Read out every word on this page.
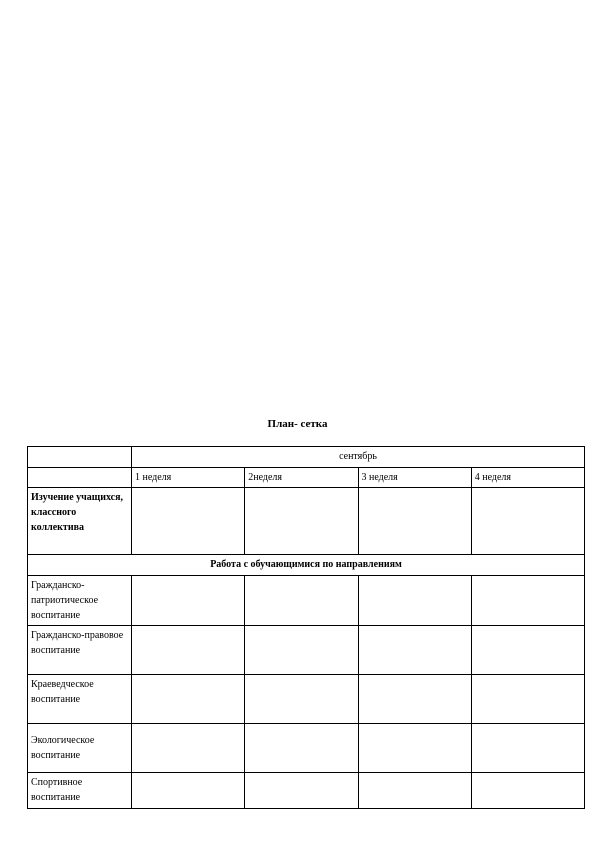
План- сетка
	сентябрь			
	1 неделя	2неделя	3 неделя	4 неделя
Изучение учащихся, классного коллектива				
Работа с обучающимися по направлениям				
Гражданско-патриотическое воспитание				
Гражданско-правовое воспитание				
Краеведческое воспитание				
Экологическое воспитание				
Спортивное воспитание				
